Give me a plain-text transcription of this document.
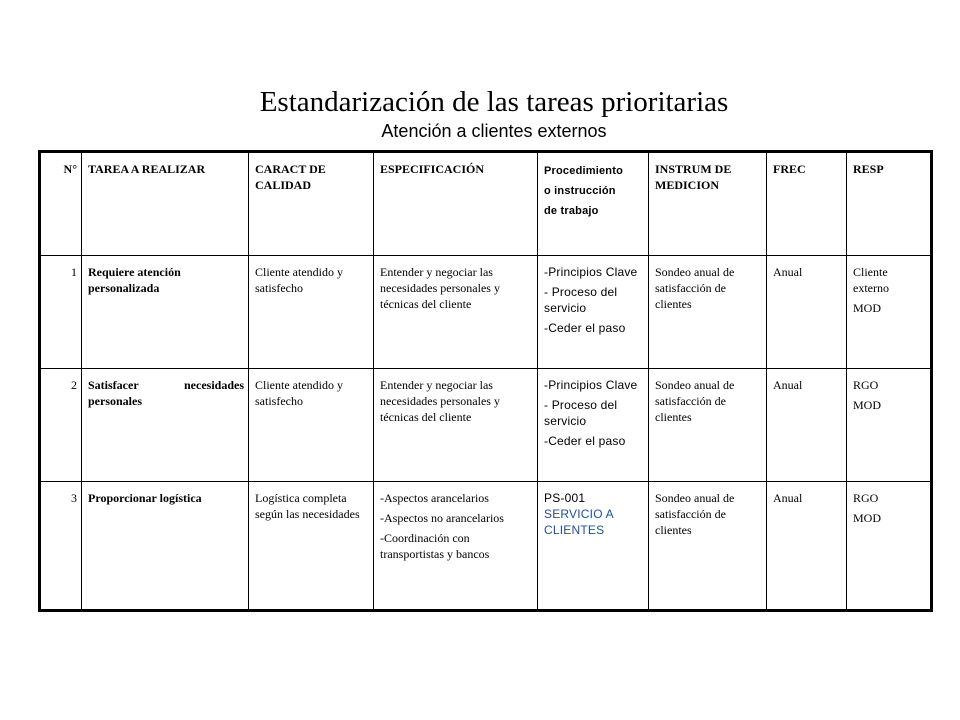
Estandarización de las tareas prioritarias
Atención a clientes externos
N°	TAREA A REALIZAR	CARACT DE CALIDAD	ESPECIFICACIÓN	Procedimiento
o instrucción
de trabajo	INSTRUM DE MEDICION	FREC	RESP
1	Requiere atención personalizada	Cliente atendido y satisfecho	Entender y negociar las necesidades personales y técnicas del cliente	-Principios Clave
- Proceso del servicio
-Ceder el paso	Sondeo anual de satisfacción de clientes	Anual	Cliente externo
MOD

2	Satisfacer necesidades personales	Cliente atendido y satisfecho	Entender y negociar las necesidades personales y técnicas del cliente	-Principios Clave
- Proceso del servicio
-Ceder el paso	Sondeo anual de satisfacción de clientes	Anual	RGO
MOD

3	Proporcionar logística	Logística completa según las necesidades	-Aspectos arancelarios
-Aspectos no arancelarios
-Coordinación con transportistas y bancos	PS-001
SERVICIO A CLIENTES	Sondeo anual de satisfacción de clientes	Anual	RGO
MOD
